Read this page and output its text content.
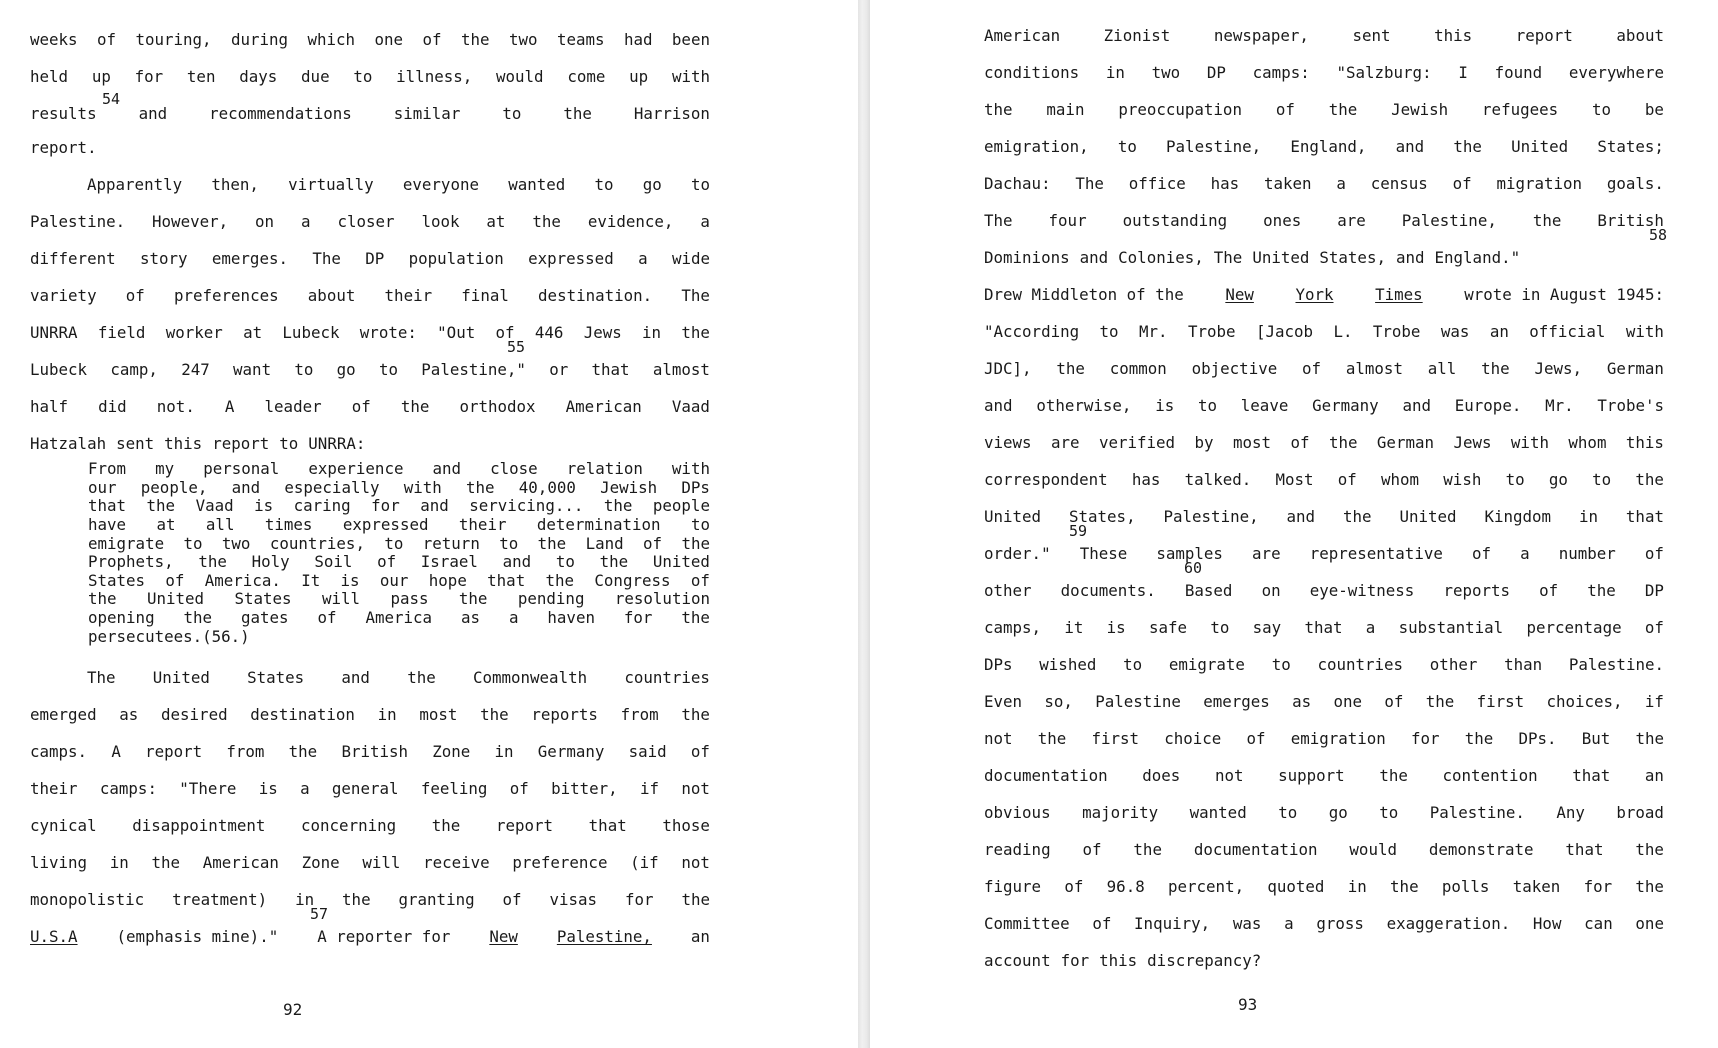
weeks of touring, during which one of the two teams had been
held up for ten days due to illness, would come up with
results	and	recommendations	similar	to	the	Harrison
54
report.
Apparently then, virtually everyone wanted to go to
Palestine. However, on a closer look at the evidence, a
different story emerges. The DP population expressed a wide
variety of preferences about their final destination. The
UNRRA field worker at Lubeck wrote: "Out of 446 Jews in the
55
Lubeck camp, 247 want to go to Palestine," or that almost
half did not. A leader of the orthodox American Vaad
Hatzalah sent this report to UNRRA:
From my personal experience and close relation with
our people, and especially with the 40,000 Jewish DPs
that the Vaad is caring for and servicing... the people
have at all times expressed their determination to
emigrate to two countries, to return to the Land of the
Prophets, the Holy Soil of Israel and to the United
States of America. It is our hope that the Congress of
the United States will pass the pending resolution
opening the gates of America as a haven for the
persecutees.(56.)
The United States and the Commonwealth countries
emerged as desired destination in most the reports from the
camps. A report from the British Zone in Germany said of
their camps: "There is a general feeling of bitter, if not
cynical disappointment concerning the report that those
living in the American Zone will receive preference (if not
monopolistic treatment) in the granting of visas for the
57
U.S.A (emphasis mine)." A reporter for New Palestine, an
92
American	Zionist	newspaper,	sent	this	report	about
conditions in two DP camps: "Salzburg: I found everywhere
the main preoccupation of the Jewish refugees to be
emigration, to Palestine, England, and the United States;
Dachau: The office has taken a census of migration goals.
The four outstanding ones are Palestine, the British
58
Dominions and Colonies, The United States, and England."
Drew Middleton of the	New	York	Times	wrote in August 1945:
"According to Mr. Trobe [Jacob L. Trobe was an official with
JDC], the common objective of almost all the Jews, German
and otherwise, is to leave Germany and Europe. Mr. Trobe's
views are verified by most of the German Jews with whom this
correspondent has talked. Most of whom wish to go to the
United States, Palestine, and the United Kingdom in that
59
order." These samples are representative of a number of
60
other documents. Based on eye-witness reports of the DP
camps, it is safe to say that a substantial percentage of
DPs wished to emigrate to countries other than Palestine.
Even so, Palestine emerges as one of the first choices, if
not the first choice of emigration for the DPs. But the
documentation does not support the contention that an
obvious majority wanted to go to Palestine. Any broad
reading of the documentation would demonstrate that the
figure of 96.8 percent, quoted in the polls taken for the
Committee of Inquiry, was a gross exaggeration. How can one
account for this discrepancy?
93
